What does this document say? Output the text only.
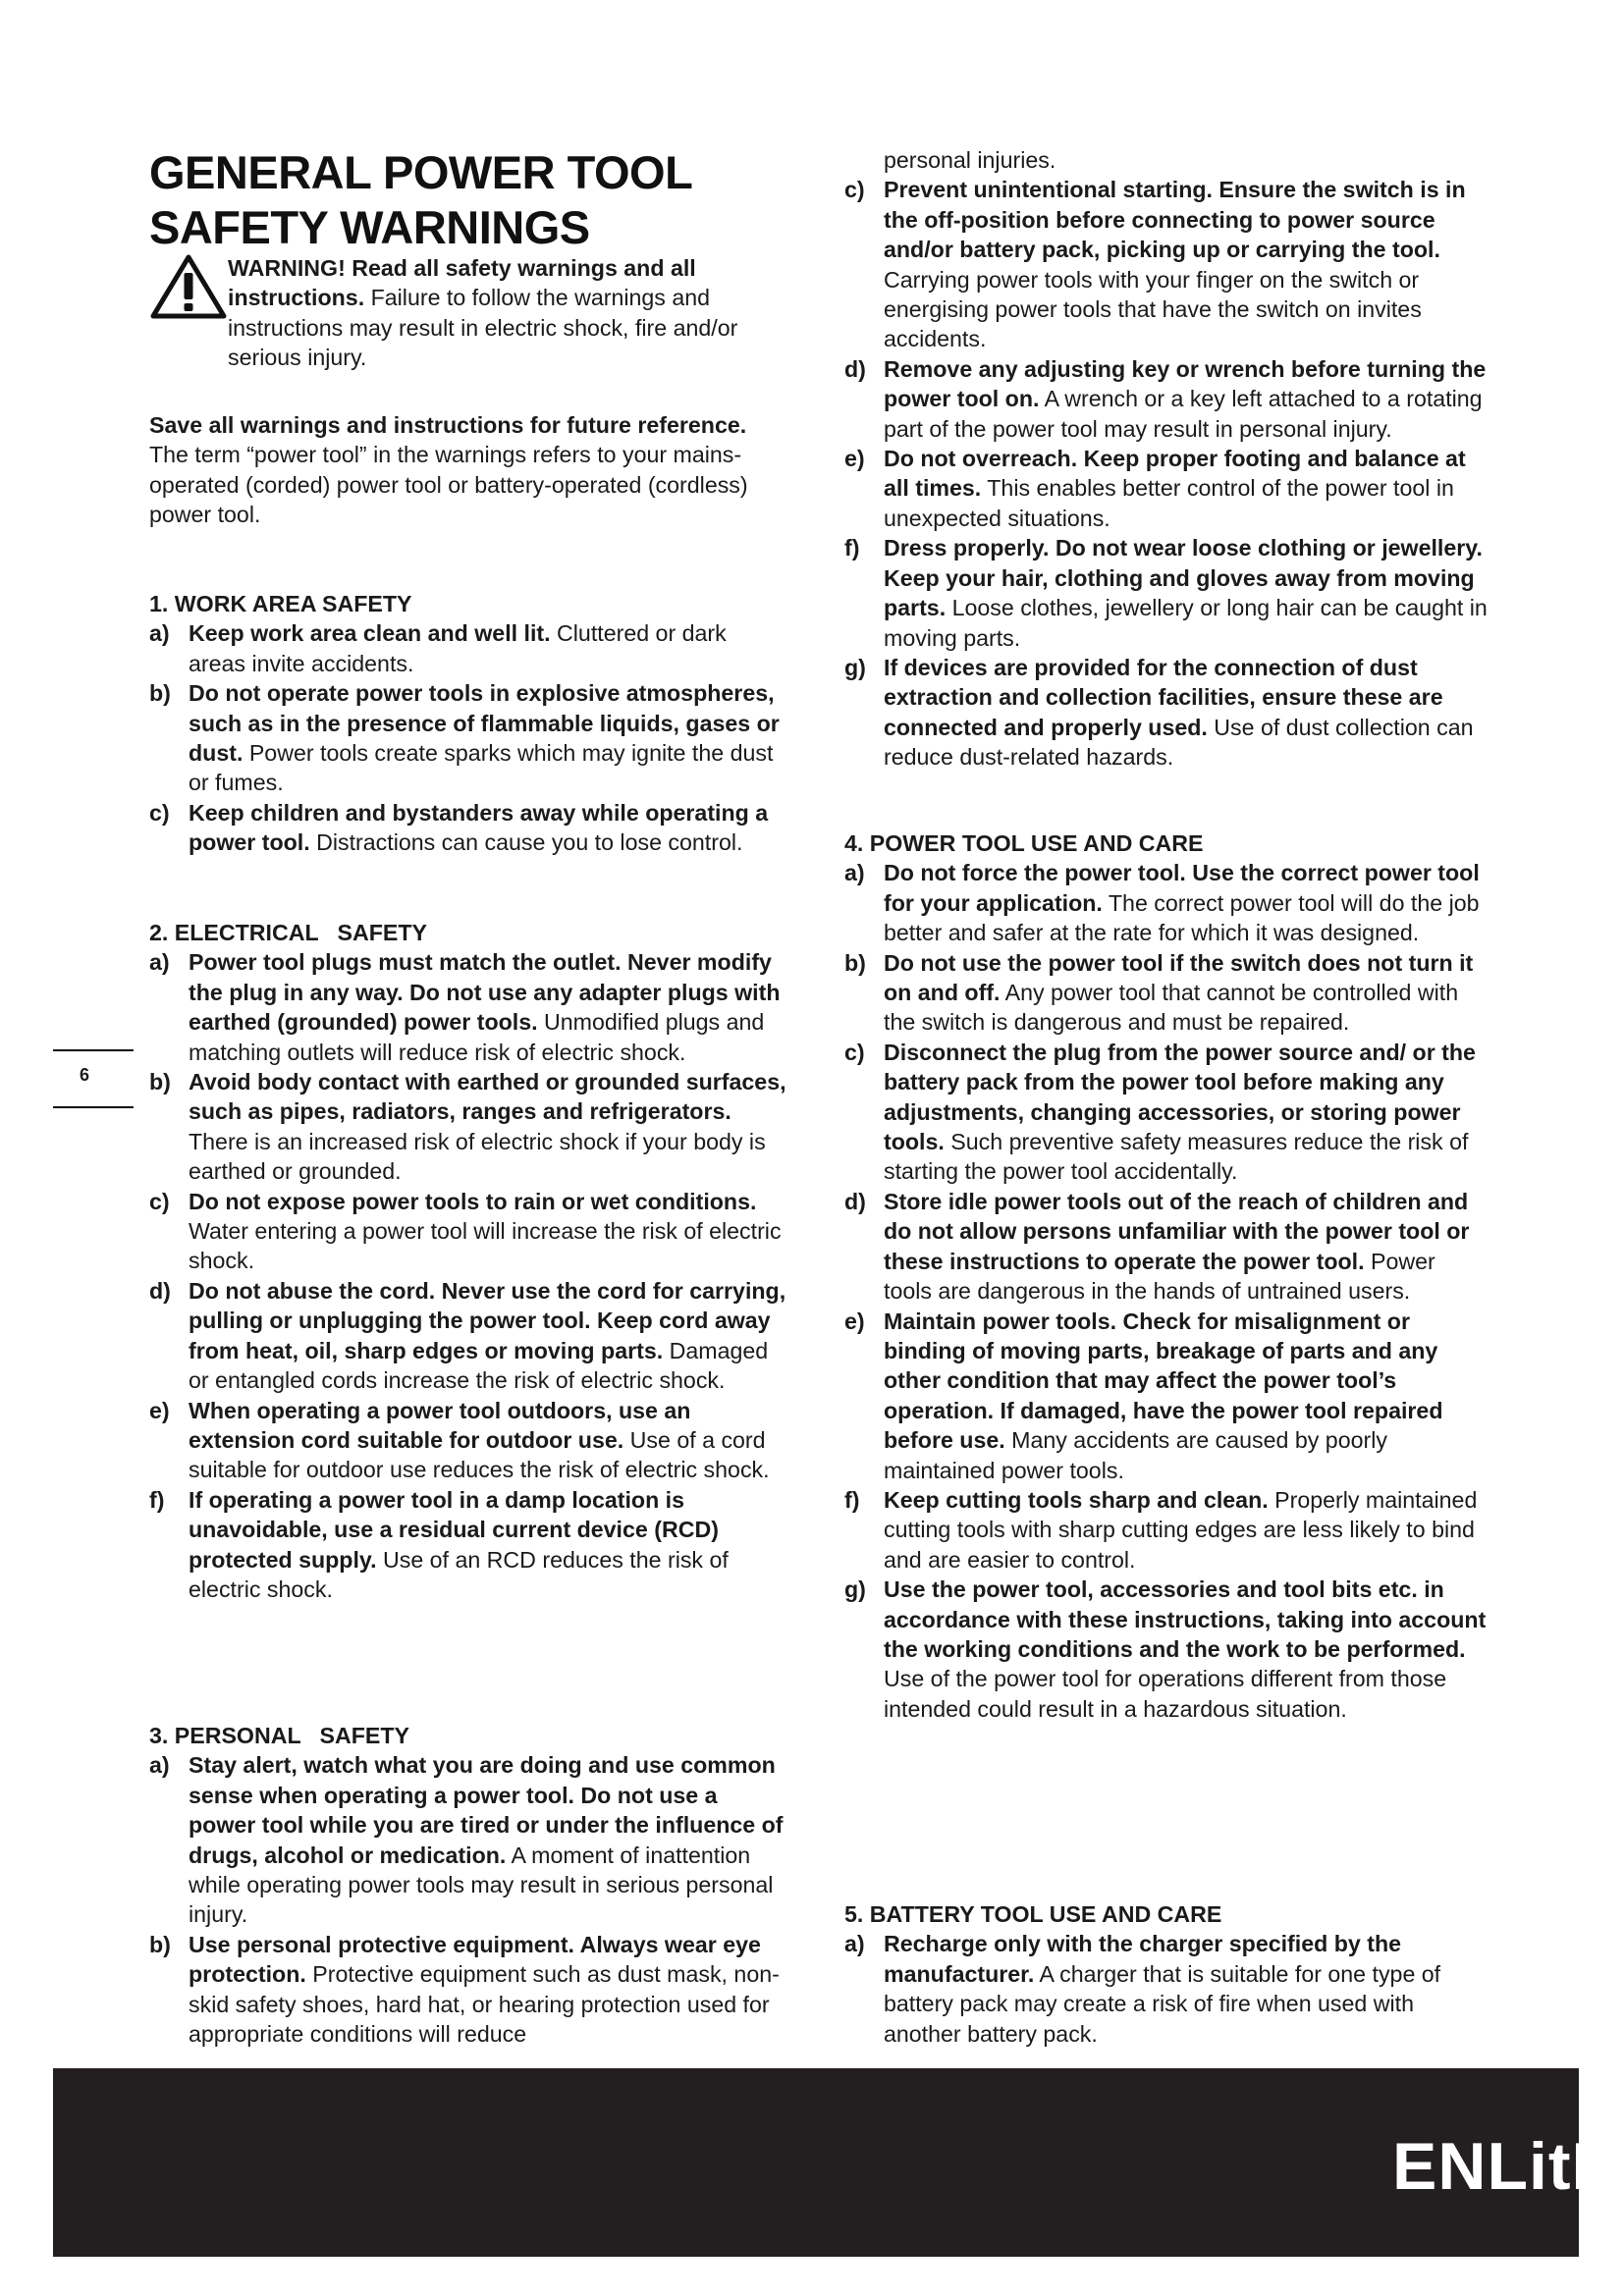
GENERAL POWER TOOL
SAFETY WARNINGS

WARNING! Read all safety warnings and all instructions. Failure to follow the warnings and instructions may result in electric shock, fire and/or serious injury.

Save all warnings and instructions for future reference.

The term “power tool” in the warnings refers to your mains-operated (corded) power tool or battery-operated (cordless) power tool.

1. WORK AREA SAFETY
a) Keep work area clean and well lit. Cluttered or dark areas invite accidents.
b) Do not operate power tools in explosive atmospheres, such as in the presence of flammable liquids, gases or dust. Power tools create sparks which may ignite the dust or fumes.
c) Keep children and bystanders away while operating a power tool. Distractions can cause you to lose control.
2. ELECTRICAL   SAFETY
a) Power tool plugs must match the outlet. Never modify the plug in any way. Do not use any adapter plugs with earthed (grounded) power tools. Unmodified plugs and matching outlets will reduce risk of electric shock.
b) Avoid body contact with earthed or grounded surfaces, such as pipes, radiators, ranges and refrigerators. There is an increased risk of electric shock if your body is earthed or grounded.
c) Do not expose power tools to rain or wet conditions. Water entering a power tool will increase the risk of electric shock.
d) Do not abuse the cord. Never use the cord for carrying, pulling or unplugging the power tool. Keep cord away from heat, oil, sharp edges or moving parts. Damaged or entangled cords increase the risk of electric shock.
e) When operating a power tool outdoors, use an extension cord suitable for outdoor use. Use of a cord suitable for outdoor use reduces the risk of electric shock.
f) If operating a power tool in a damp location is unavoidable, use a residual current device (RCD) protected supply. Use of an RCD reduces the risk of electric shock.
3. PERSONAL   SAFETY
a) Stay alert, watch what you are doing and use common sense when operating a power tool. Do not use a power tool while you are tired or under the influence of drugs, alcohol or medication. A moment of inattention while operating power tools may result in serious personal injury.
b) Use personal protective equipment. Always wear eye protection. Protective equipment such as dust mask, non-skid safety shoes, hard hat, or hearing protection used for appropriate conditions will reduce

personal injuries.

c) Prevent unintentional starting. Ensure the switch is in the off-position before connecting to power source and/or battery pack, picking up or carrying the tool. Carrying power tools with your finger on the switch or energising power tools that have the switch on invites accidents.
d) Remove any adjusting key or wrench before turning the power tool on. A wrench or a key left attached to a rotating part of the power tool may result in personal injury.
e) Do not overreach. Keep proper footing and balance at all times. This enables better control of the power tool in unexpected situations.
f) Dress properly. Do not wear loose clothing or jewellery. Keep your hair, clothing and gloves away from moving parts. Loose clothes, jewellery or long hair can be caught in moving parts.
g) If devices are provided for the connection of dust extraction and collection facilities, ensure these are connected and properly used. Use of dust collection can reduce dust-related hazards.
4. POWER TOOL USE AND CARE
a) Do not force the power tool. Use the correct power tool for your application. The correct power tool will do the job better and safer at the rate for which it was designed.
b) Do not use the power tool if the switch does not turn it on and off. Any power tool that cannot be controlled with the switch is dangerous and must be repaired.
c) Disconnect the plug from the power source and/ or the battery pack from the power tool before making any adjustments, changing accessories, or storing power tools. Such preventive safety measures reduce the risk of starting the power tool accidentally.
d) Store idle power tools out of the reach of children and do not allow persons unfamiliar with the power tool or these instructions to operate the power tool. Power tools are dangerous in the hands of untrained users.
e) Maintain power tools. Check for misalignment or binding of moving parts, breakage of parts and any other condition that may affect the power tool’s operation. If damaged, have the power tool repaired before use. Many accidents are caused by poorly maintained power tools.
f) Keep cutting tools sharp and clean. Properly maintained cutting tools with sharp cutting edges are less likely to bind and are easier to control.
g) Use the power tool, accessories and tool bits etc. in accordance with these instructions, taking into account the working conditions and the work to be performed. Use of the power tool for operations different from those intended could result in a hazardous situation.
5. BATTERY TOOL USE AND CARE
a) Recharge only with the charger specified by the manufacturer. A charger that is suitable for one type of battery pack may create a risk of fire when used with another battery pack.
6
ENLitH
